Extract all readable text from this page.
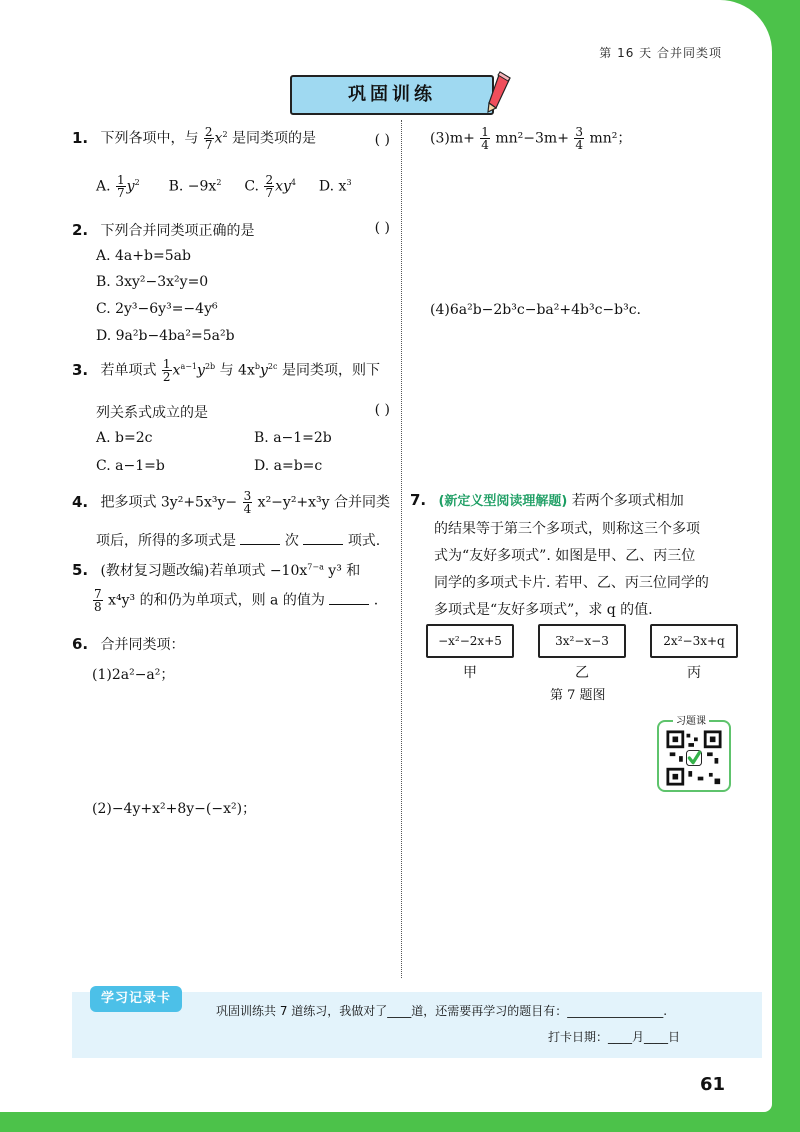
第 16 天 合并同类项
巩固训练
1. 下列各项中，与 $\frac{2}{7} x^2$ 是同类项的是	( )
A. $\frac{1}{7} y^2$ B. $-9x^2$ C. $\frac{2}{7} xy^4$ D. $x^3$
2. 下列合并同类项正确的是	( )
A. 4a+b=5ab
B. 3xy²−3x²y=0
C. 2y³−6y³=−4y⁶
D. 9a²b−4ba²=5a²b
3. 若单项式 $\frac{1}{2} x^{a-1}y^{2b}$ 与 $4x^by^{2c}$ 是同类项，则下
列关系式成立的是	( )
A. b=2c	B. a−1=2b
C. a−1=b	D. a=b=c
4. 把多项式 $3y^2+5x^3y- \frac{3}{4} x^2-y^2+x^3y$ 合并同类
项后，所得的多项式是	次	项式.
5. (教材复习题改编)若单项式 $-10x^{7-a}$ y³ 和
$\frac{7}{8} x^4y^3$ 的和仍为单项式，则 a 的值为	.
6. 合并同类项：
(1)2a²−a²；
(2)−4y+x²+8y−(−x²)；
$(3)m+ \frac{1}{4} mn^2-3m+ \frac{3}{4} mn^2$；
(4)6a²b−2b³c−ba²+4b³c−b³c.
7. (新定义型阅读理解题) 若两个多项式相加
的结果等于第三个多项式，则称这三个多项
式为“友好多项式”. 如图是甲、乙、丙三位
同学的多项式卡片. 若甲、乙、丙三位同学的
多项式是“友好多项式”，求 q 的值.
−x²−2x+5	3x²−x−3	2x²−3x+q
甲	乙	丙
第 7 题图
习题课
学习记录卡
巩固训练共 7 道练习，我做对了____道，还需要再学习的题目有：________________.
打卡日期：____月____日
61
